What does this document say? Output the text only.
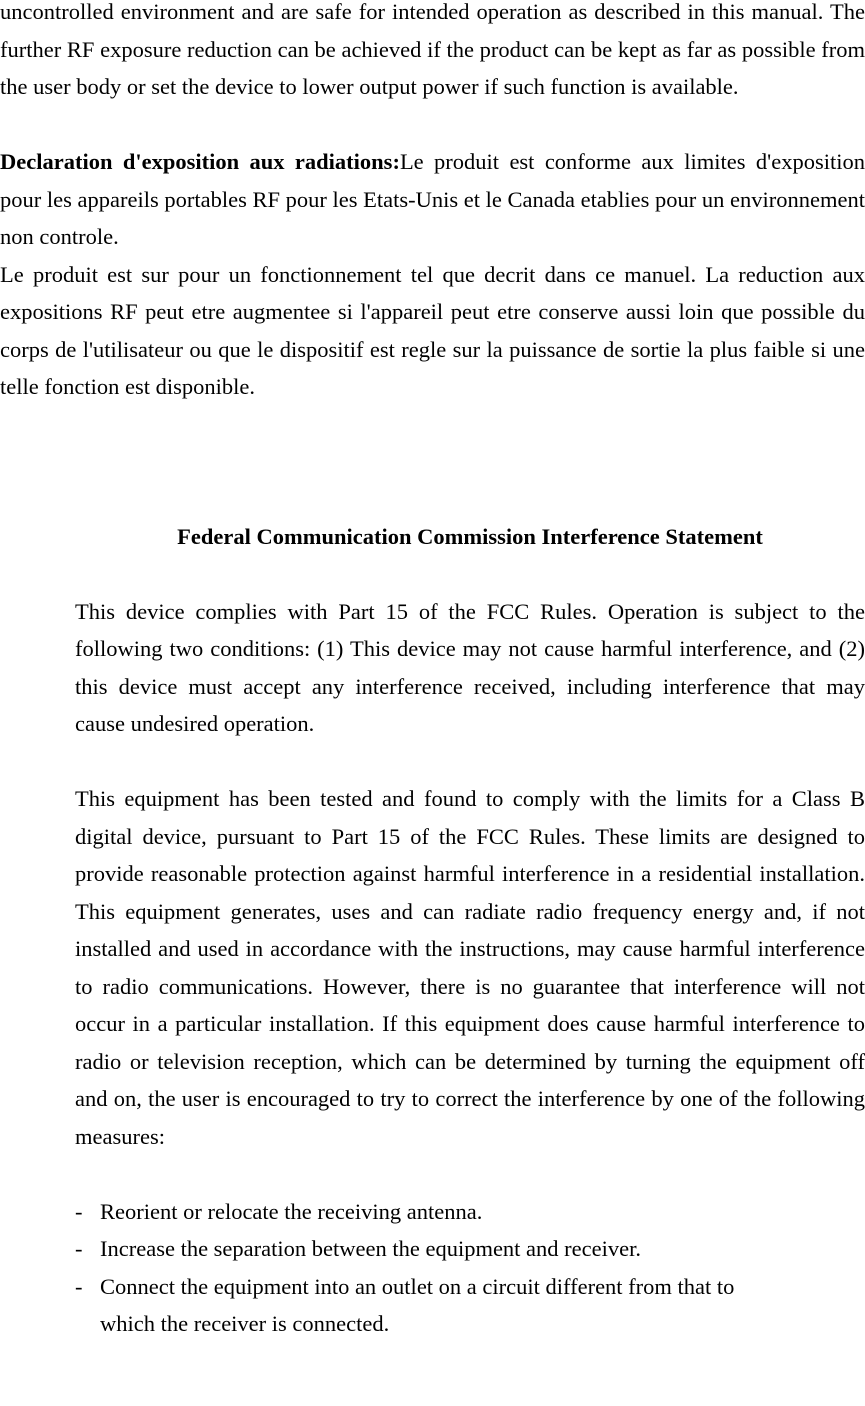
uncontrolled environment and are safe for intended operation as described in this manual. The further RF exposure reduction can be achieved if the product can be kept as far as possible from the user body or set the device to lower output power if such function is available.

Declaration d'exposition aux radiations:Le produit est conforme aux limites d'exposition pour les appareils portables RF pour les Etats-Unis et le Canada etablies pour un environnement non controle.

Le produit est sur pour un fonctionnement tel que decrit dans ce manuel. La reduction aux expositions RF peut etre augmentee si l'appareil peut etre conserve aussi loin que possible du corps de l'utilisateur ou que le dispositif est regle sur la puissance de sortie la plus faible si une telle fonction est disponible.

Federal Communication Commission Interference Statement

This device complies with Part 15 of the FCC Rules. Operation is subject to the following two conditions: (1) This device may not cause harmful interference, and (2) this device must accept any interference received, including interference that may cause undesired operation.

This equipment has been tested and found to comply with the limits for a Class B digital device, pursuant to Part 15 of the FCC Rules. These limits are designed to provide reasonable protection against harmful interference in a residential installation. This equipment generates, uses and can radiate radio frequency energy and, if not installed and used in accordance with the instructions, may cause harmful interference to radio communications. However, there is no guarantee that interference will not occur in a particular installation. If this equipment does cause harmful interference to radio or television reception, which can be determined by turning the equipment off and on, the user is encouraged to try to correct the interference by one of the following measures:

- Reorient or relocate the receiving antenna.
- Increase the separation between the equipment and receiver.
- Connect the equipment into an outlet on a circuit different from that to which the receiver is connected.
